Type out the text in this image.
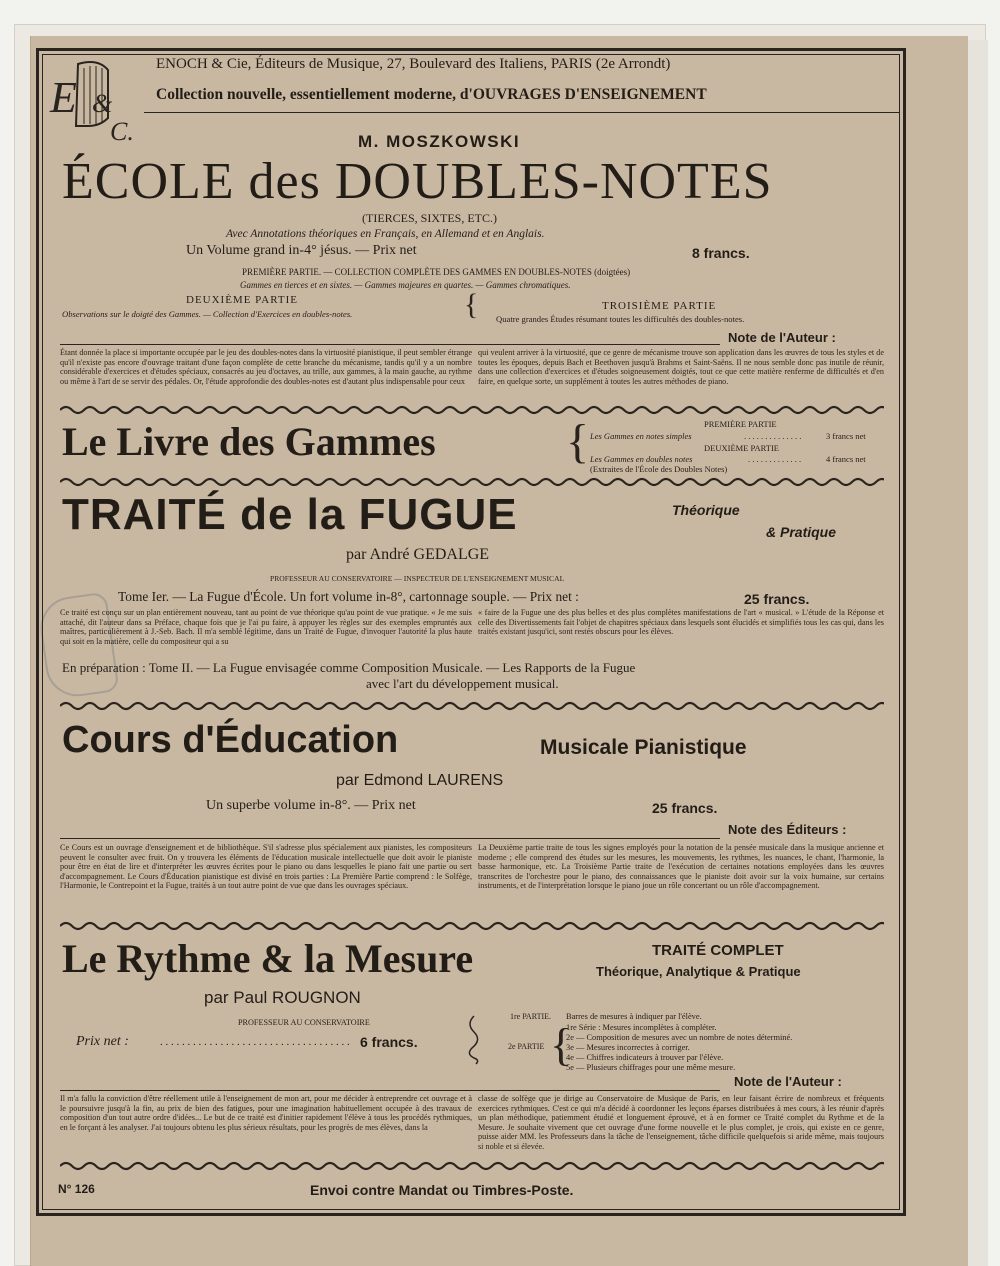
E &
C.
ENOCH & Cie, Éditeurs de Musique, 27, Boulevard des Italiens, PARIS (2e Arrondt)
Collection nouvelle, essentiellement moderne, d'OUVRAGES D'ENSEIGNEMENT
M. MOSZKOWSKI
ÉCOLE des DOUBLES-NOTES
(TIERCES, SIXTES, ETC.)
Avec Annotations théoriques en Français, en Allemand et en Anglais.
Un Volume grand in-4° jésus. — Prix net	8 francs.
PREMIÈRE PARTIE. — COLLECTION COMPLÈTE DES GAMMES EN DOUBLES-NOTES (doigtées)
Gammes en tierces et en sixtes. — Gammes majeures en quartes. — Gammes chromatiques.
DEUXIÈME PARTIE
Observations sur le doigté des Gammes. — Collection d'Exercices en doubles-notes.	{	TROISIÈME PARTIE
Quatre grandes Études résumant toutes les difficultés des doubles-notes.
Note de l'Auteur :
Étant donnée la place si importante occupée par le jeu des doubles-notes dans la virtuosité pianistique, il peut sembler étrange qu'il n'existe pas encore d'ouvrage traitant d'une façon complète de cette branche du mécanisme, tandis qu'il y a un nombre considérable d'exercices et d'études spéciaux, consacrés au jeu d'octaves, au trille, aux gammes, à la main gauche, au rythme ou même à l'art de se servir des pédales. Or, l'étude approfondie des doubles-notes est d'autant plus indispensable pour ceux
qui veulent arriver à la virtuosité, que ce genre de mécanisme trouve son application dans les œuvres de tous les styles et de toutes les époques, depuis Bach et Beethoven jusqu'à Brahms et Saint-Saëns. Il ne nous semble donc pas inutile de réunir, dans une collection d'exercices et d'études soigneusement doigtés, tout ce que cette matière renferme de difficultés et d'en faire, en quelque sorte, un supplément à toutes les autres méthodes de piano.
Le Livre des Gammes	{	PREMIÈRE PARTIE
Les Gammes en notes simples	. . . . . . . . . . . . . .	3 francs net
DEUXIÈME PARTIE
Les Gammes en doubles notes	. . . . . . . . . . . . .	4 francs net
(Extraites de l'École des Doubles Notes)
TRAITÉ de la FUGUE	Théorique
& Pratique
par André GEDALGE
PROFESSEUR AU CONSERVATOIRE — INSPECTEUR DE L'ENSEIGNEMENT MUSICAL
Tome Ier. — La Fugue d'École. Un fort volume in-8°, cartonnage souple. — Prix net :	25 francs.
Ce traité est conçu sur un plan entièrement nouveau, tant au point de vue théorique qu'au point de vue pratique. « Je me suis attaché, dit l'auteur dans sa Préface, chaque fois que je l'ai pu faire, à appuyer les règles sur des exemples empruntés aux maîtres, particulièrement à J.-Seb. Bach. Il m'a semblé légitime, dans un Traité de Fugue, d'invoquer l'autorité la plus haute qui soit en la matière, celle du compositeur qui a su
« faire de la Fugue une des plus belles et des plus complètes manifestations de l'art « musical. » L'étude de la Réponse et celle des Divertissements fait l'objet de chapitres spéciaux dans lesquels sont élucidés et simplifiés tous les cas qui, dans les traités existant jusqu'ici, sont restés obscurs pour les élèves.
En préparation : Tome II. — La Fugue envisagée comme Composition Musicale. — Les Rapports de la Fugue
avec l'art du développement musical.
Cours d'Éducation	Musicale Pianistique
par Edmond LAURENS
Un superbe volume in-8°. — Prix net	25 francs.
Note des Éditeurs :
Ce Cours est un ouvrage d'enseignement et de bibliothèque. S'il s'adresse plus spécialement aux pianistes, les compositeurs peuvent le consulter avec fruit. On y trouvera les éléments de l'éducation musicale intellectuelle que doit avoir le pianiste pour être en état de lire et d'interpréter les œuvres écrites pour le piano ou dans lesquelles le piano fait une partie ou sert d'accompagnement. Le Cours d'Éducation pianistique est divisé en trois parties : La Première Partie comprend : le Solfège, l'Harmonie, le Contrepoint et la Fugue, traités à un tout autre point de vue que dans les ouvrages spéciaux.
La Deuxième partie traite de tous les signes employés pour la notation de la pensée musicale dans la musique ancienne et moderne ; elle comprend des études sur les mesures, les mouvements, les rythmes, les nuances, le chant, l'harmonie, la basse harmonique, etc. La Troisième Partie traite de l'exécution de certaines notations employées dans les œuvres transcrites de l'orchestre pour le piano, des connaissances que le pianiste doit avoir sur la voix humaine, sur certains instruments, et de l'interprétation lorsque le piano joue un rôle concertant ou un rôle d'accompagnement.
Le Rythme & la Mesure	TRAITÉ COMPLET
Théorique, Analytique & Pratique
par Paul ROUGNON
PROFESSEUR AU CONSERVATOIRE
Prix net :	. . . . . . . . . . . . . . . . . . . . . . . . . . . . . . . . . . . 6 francs.
1re PARTIE. Barres de mesures à indiquer par l'élève.
2e PARTIE {
1re Série : Mesures incomplètes à compléter.
2e — Composition de mesures avec un nombre de notes déterminé.
3e — Mesures incorrectes à corriger.
4e — Chiffres indicateurs à trouver par l'élève.
5e — Plusieurs chiffrages pour une même mesure.
Note de l'Auteur :
Il m'a fallu la conviction d'être réellement utile à l'enseignement de mon art, pour me décider à entreprendre cet ouvrage et à le poursuivre jusqu'à la fin, au prix de bien des fatigues, pour une imagination habituellement occupée à des travaux de composition d'un tout autre ordre d'idées... Le but de ce traité est d'initier rapidement l'élève à tous les procédés rythmiques, en le forçant à les analyser. J'ai toujours obtenu les plus sérieux résultats, pour les progrès de mes élèves, dans la
classe de solfège que je dirige au Conservatoire de Musique de Paris, en leur faisant écrire de nombreux et fréquents exercices rythmiques. C'est ce qui m'a décidé à coordonner les leçons éparses distribuées à mes cours, à les réunir d'après un plan méthodique, patiemment étudié et longuement éprouvé, et à en former ce Traité complet du Rythme et de la Mesure. Je souhaite vivement que cet ouvrage d'une forme nouvelle et le plus complet, je crois, qui existe en ce genre, puisse aider MM. les Professeurs dans la tâche de l'enseignement, tâche difficile quelquefois si aride même, mais toujours si noble et si élevée.
N° 126	Envoi contre Mandat ou Timbres-Poste.
